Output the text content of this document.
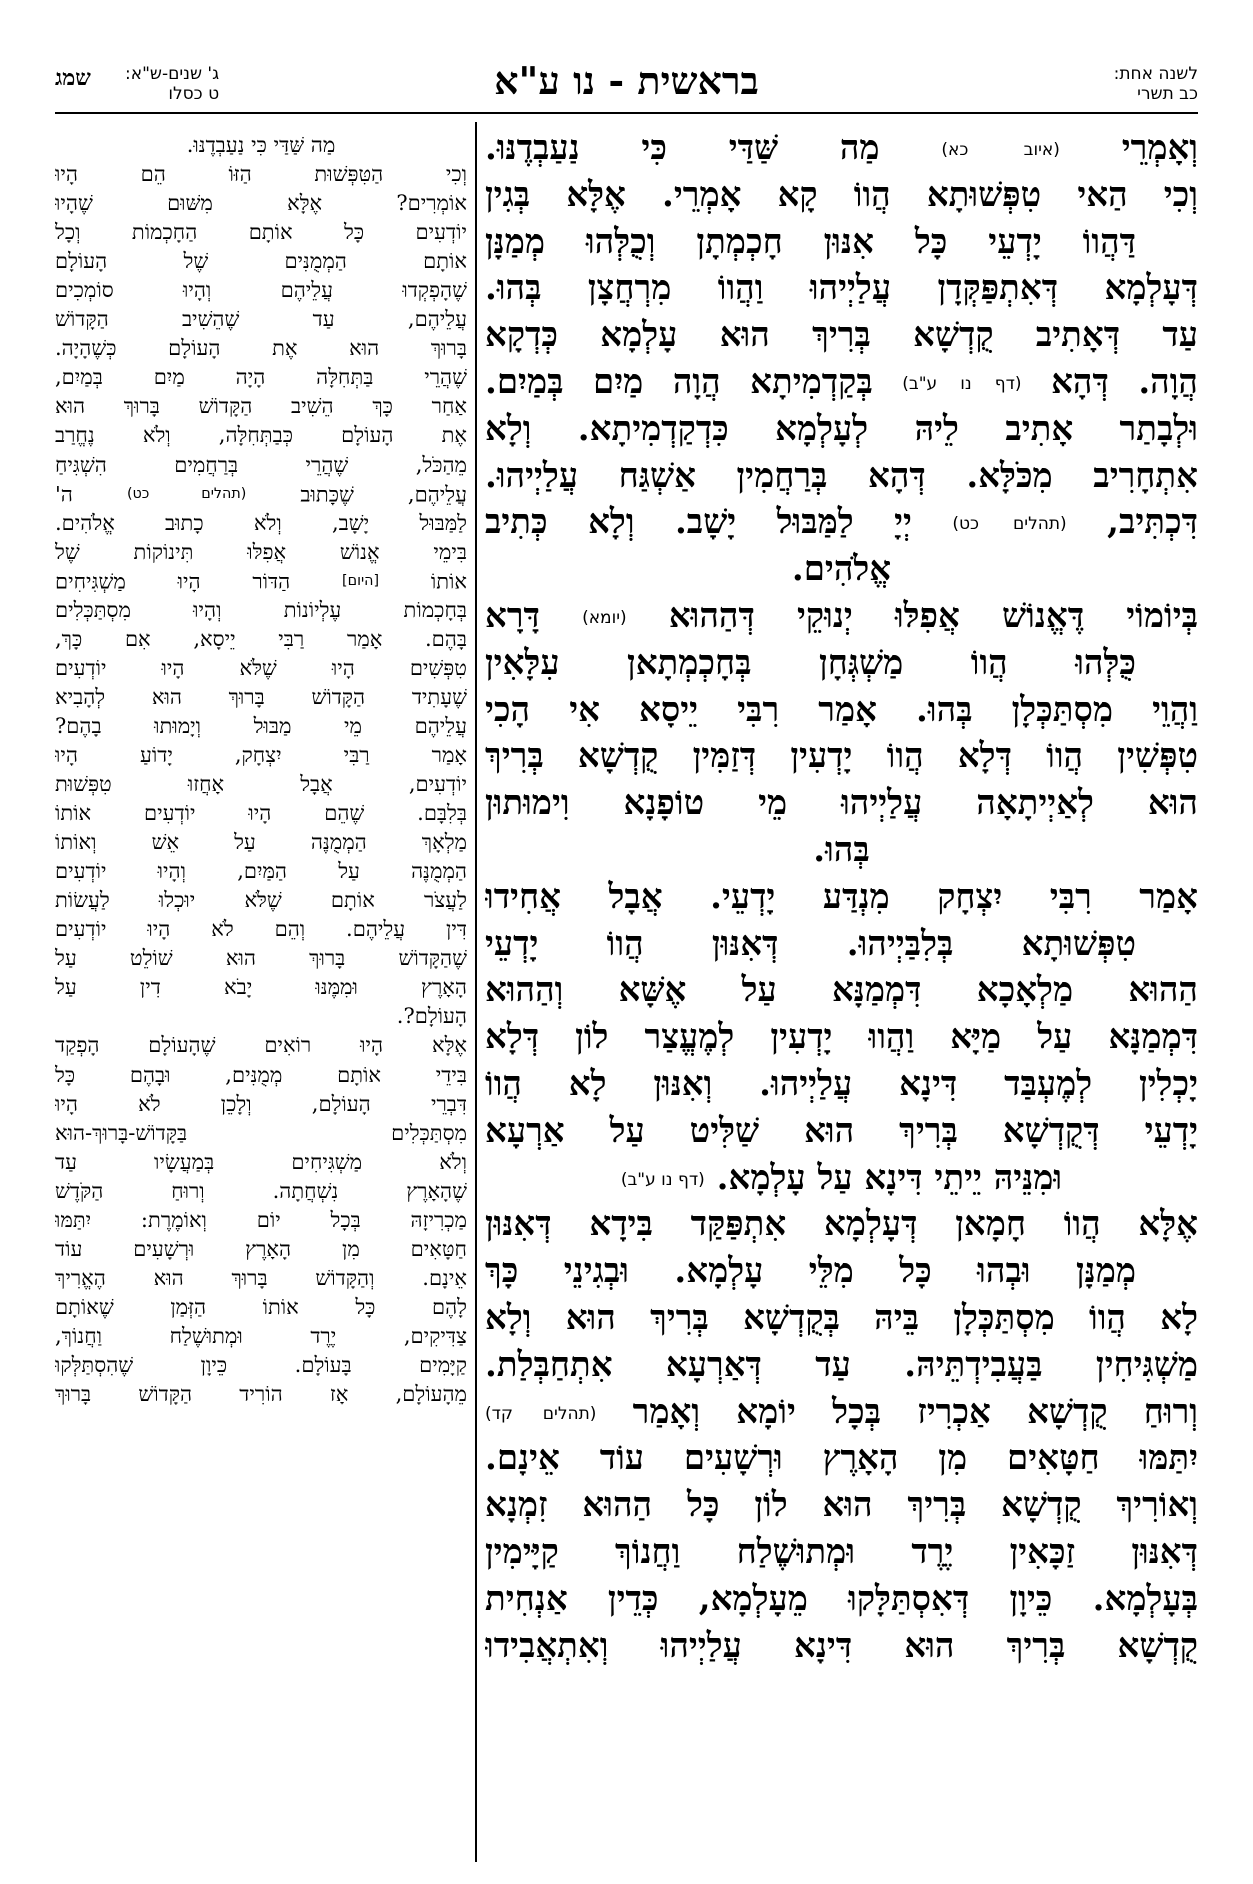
לשנה אחת:
כב תשרי
בראשית - נו ע"א
ג' שנים-ש"א:
ט כסלו
שמג
וְאָמְרֵי (איוב כא) מַה שַּׁדַּי כִּי נַעַבְדֶנּוּ.
וְכִי הַאי טִפְּשׁוּתָא הֲווֹ קָא אָמְרֵי. אֶלָּא בְּגִין
דַּהֲווֹ יָדְעֵי כָּל אִנּוּן חָכְמְתָן וְכֻלְּהוּ מְמַנָּן
דְּעָלְמָא דְּאִתְפַּקְּדָן עֲלַיְיהוּ וַהֲווֹ מִרְחֲצָן בְּהוּ.
עַד דְּאָתִיב קֻדְשָׁא בְּרִיךְ הוּא עָלְמָא כְּדְקָא
הֲוָה. דְּהָא (דף נו ע"ב) בְּקַדְמִיתָא הֲוָה מַיִם בְּמַיִם.
וּלְבָתַר אָתִיב לֵיהּ לְעָלְמָא כִּדְקַדְמִיתָא. וְלָא
אִתְחָרִיב מִכֹּלָּא. דְּהָא בְּרַחֲמִין אַשְׁגַּח עֲלַיְיהוּ.
דִּכְתִּיב, (תהלים כט) יְיָ לַמַּבּוּל יָשָׁב. וְלָא כְּתִיב
אֱלֹהִים.
בְּיוֹמוֹי דֶּאֱנוֹשׁ אֲפִלּוּ יְנוּקֵי דְּהַהוּא (יומא) דָּרָא
כֻּלְּהוּ הֲווֹ מַשְׁגְּחָן בְּחָכְמְתָאן עִלָּאִין
וַהֲוֵי מִסְתַּכְּלָן בְּהוּ. אָמַר רִבִּי יֵיסָא אִי הָכִי
טִפְּשִׁין הֲווֹ דְּלָא הֲווֹ יָדְעִין דְּזַמִּין קֻדְשָׁא בְּרִיךְ
הוּא לְאַיְיתָאָה עֲלַיְיהוּ מֵי טוֹפָנָא וִימוּתוּן
בְּהוּ.
אָמַר רִבִּי יִצְחָק מִנְדַּע יָדְעֵי. אֲבָל אֲחִידוּ
טִפְּשׁוּתָא בְּלִבַּיְיהוּ. דְּאִנּוּן הֲווֹ יָדְעֵי
הַהוּא מַלְאָכָא דִּמְמַנָּא עַל אֶשָּׁא וְהַהוּא
דִּמְמַנָּא עַל מַיָּא וַהֲווּ יָדְעִין לְמֶעֱצַר לוֹן דְּלָא
יָכְלִין לְמֶעְבַּד דִּינָא עֲלַיְיהוּ. וְאִנּוּן לָא הֲווֹ
יָדְעֵי דְּקֻדְשָׁא בְּרִיךְ הוּא שַׁלִּיט עַל אַרְעָא
וּמִנֵּיהּ יֵיתֵי דִּינָא עַל עָלְמָא. (דף נו ע"ב)
אֶלָּא הֲווֹ חָמָאן דְּעָלְמָא אִתְפַּקַּד בִּידָא דְּאִנּוּן
מְמַנָּן וּבְהוּ כָּל מִלֵּי עָלְמָא. וּבְגִינֵי כָּךְ
לָא הֲווֹ מִסְתַּכְּלָן בֵּיהּ בְּקֻדְשָׁא בְּרִיךְ הוּא וְלָא
מַשְׁגִּיחִין בַּעֲבִידְתֵּיהּ. עַד דְּאַרְעָא אִתְחַבְּלַת.
וְרוּחַ קֻדְשָׁא אַכְרִיז בְּכָל יוֹמָא וְאָמַר (תהלים קד)
יִתַּמּוּ חַטָּאִים מִן הָאָרֶץ וּרְשָׁעִים עוֹד אֵינָם.
וְאוֹרִיךְ קֻדְשָׁא בְּרִיךְ הוּא לוֹן כָּל הַהוּא זִמְנָא
דְּאִנּוּן זַכָּאִין יֶרֶד וּמְתוּשֶׁלַח וַחֲנוֹךְ קַיָּימִין
בְּעָלְמָא. כֵּיוָן דְּאִסְתַּלָּקוּ מֵעָלְמָא, כְּדֵין אַנְחִית
קֻדְשָׁא בְּרִיךְ הוּא דִּינָא עֲלַיְיהוּ וְאִתְאֲבִידוּ
מַה שַּׁדַּי כִּי נַעַבְדֶנּוּ.
וְכִי הַטִּפְּשׁוּת הַזּוֹ הֵם הָיוּ
אוֹמְרִים? אֶלָּא מִשּׁוּם שֶׁהָיוּ
יוֹדְעִים כָּל אוֹתָם הַחָכְמוֹת וְכָל
אוֹתָם הַמְמֻנִּים שֶׁל הָעוֹלָם
שֶׁהָפְקְדוּ עֲלֵיהֶם וְהָיוּ סוֹמְכִים
עֲלֵיהֶם, עַד שֶׁהֵשִׁיב הַקָּדוֹשׁ
בָּרוּךְ הוּא אֶת הָעוֹלָם כְּשֶׁהָיָה.
שֶׁהֲרֵי בַּתְּחִלָּה הָיָה מַיִם בְּמַיִם,
אַחַר כָּךְ הֵשִׁיב הַקָּדוֹשׁ בָּרוּךְ הוּא
אֶת הָעוֹלָם כְּבַתְּחִלָּה, וְלֹא נֶחֱרַב
מֵהַכֹּל, שֶׁהֲרֵי בְּרַחֲמִים הִשְׁגִּיחַ
עֲלֵיהֶם, שֶׁכָּתוּב (תהלים כט) ה'
לַמַּבּוּל יָשָׁב, וְלֹא כָתוּב אֱלֹהִים.
בִּימֵי אֱנוֹשׁ אֲפִלּוּ תִּינוֹקוֹת שֶׁל
אוֹתוֹ [היום] הַדּוֹר הָיוּ מַשְׁגִּיחִים
בְּחָכְמוֹת עֶלְיוֹנוֹת וְהָיוּ מִסְתַּכְּלִים
בָּהֶם. אָמַר רַבִּי יֵיסָא, אִם כָּךְ,
טִפְּשִׁים הָיוּ שֶׁלֹּא הָיוּ יוֹדְעִים
שֶׁעָתִיד הַקָּדוֹשׁ בָּרוּךְ הוּא לְהָבִיא
עֲלֵיהֶם מֵי מַבּוּל וְיָמוּתוּ בָהֶם?
אָמַר רַבִּי יִצְחָק, יָדוֹעַ הָיוּ
יוֹדְעִים, אֲבָל אָחֲזוּ טִפְּשׁוּת
בְּלִבָּם. שֶׁהֵם הָיוּ יוֹדְעִים אוֹתוֹ
מַלְאָךְ הַמְמֻנֶּה עַל אֵשׁ וְאוֹתוֹ
הַמְמֻנֶּה עַל הַמַּיִם, וְהָיוּ יוֹדְעִים
לַעֲצֹר אוֹתָם שֶׁלֹּא יוּכְלוּ לַעֲשׂוֹת
דִּין עֲלֵיהֶם. וְהֵם לֹא הָיוּ יוֹדְעִים
שֶׁהַקָּדוֹשׁ בָּרוּךְ הוּא שׁוֹלֵט עַל
הָאָרֶץ וּמִמֶּנּוּ יָבֹא דִין עַל
הָעוֹלָם?.
אֶלָּא הָיוּ רוֹאִים שֶׁהָעוֹלָם הָפְקַד
בִּידֵי אוֹתָם מְמֻנִּים, וּבָהֶם כָּל
דִּבְרֵי הָעוֹלָם, וְלָכֵן לֹא הָיוּ
מִסְתַּכְּלִים בַּקָּדוֹשׁ-בָּרוּךְ-הוּא
וְלֹא מַשְׁגִּיחִים בְּמַעֲשָׂיו עַד
שֶׁהָאָרֶץ נִשְׁחֲתָה. וְרוּחַ הַקֹּדֶשׁ
מַכְרִיזָהּ בְּכָל יוֹם וְאוֹמֶרֶת: יִתַּמּוּ
חַטָּאִים מִן הָאָרֶץ וּרְשָׁעִים עוֹד
אֵינָם. וְהַקָּדוֹשׁ בָּרוּךְ הוּא הֶאֱרִיךְ
לָהֶם כָּל אוֹתוֹ הַזְּמַן שֶׁאוֹתָם
צַדִּיקִים, יֶרֶד וּמְתוּשֶׁלַח וַחֲנוֹךְ,
קַיָּמִים בָּעוֹלָם. כֵּיוָן שֶׁהִסְתַּלְּקוּ
מֵהָעוֹלָם, אָז הוֹרִיד הַקָּדוֹשׁ בָּרוּךְ
